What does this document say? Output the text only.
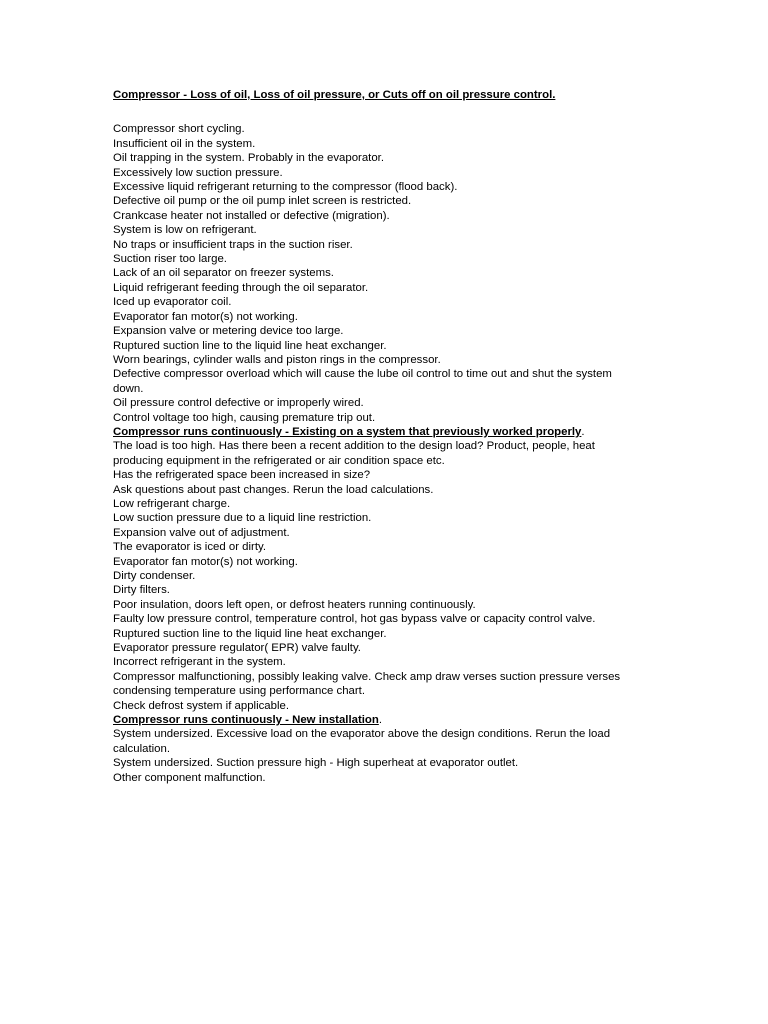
Compressor - Loss of oil, Loss of oil pressure, or Cuts off on oil pressure control.

Compressor short cycling.
Insufficient oil in the system.
Oil trapping in the system. Probably in the evaporator.
Excessively low suction pressure.
Excessive liquid refrigerant returning to the compressor (flood back).
Defective oil pump or the oil pump inlet screen is restricted.
Crankcase heater not installed or defective (migration).
System is low on refrigerant.
No traps or insufficient traps in the suction riser.
Suction riser too large.
Lack of an oil separator on freezer systems.
Liquid refrigerant feeding through the oil separator.
Iced up evaporator coil.
Evaporator fan motor(s) not working.
Expansion valve or metering device too large.
Ruptured suction line to the liquid line heat exchanger.
Worn bearings, cylinder walls and piston rings in the compressor.
Defective compressor overload which will cause the lube oil control to time out and shut the system down.
Oil pressure control defective or improperly wired.
Control voltage too high, causing premature trip out.

Compressor runs continuously - Existing on a system that previously worked properly.

The load is too high. Has there been a recent addition to the design load? Product, people, heat producing equipment in the refrigerated or air condition space etc.
Has the refrigerated space been increased in size?
Ask questions about past changes. Rerun the load calculations.
Low refrigerant charge.
Low suction pressure due to a liquid line restriction.
Expansion valve out of adjustment.
The evaporator is iced or dirty.
Evaporator fan motor(s) not working.
Dirty condenser.
Dirty filters.
Poor insulation, doors left open, or defrost heaters running continuously.
Faulty low pressure control, temperature control, hot gas bypass valve or capacity control valve.
Ruptured suction line to the liquid line heat exchanger.
Evaporator pressure regulator( EPR) valve faulty.
Incorrect refrigerant in the system.
Compressor malfunctioning, possibly leaking valve. Check amp draw verses suction pressure verses condensing temperature using performance chart.
Check defrost system if applicable.

Compressor runs continuously - New installation.

System undersized. Excessive load on the evaporator above the design conditions. Rerun the load calculation.
System undersized. Suction pressure high - High superheat at evaporator outlet.
Other component malfunction.
